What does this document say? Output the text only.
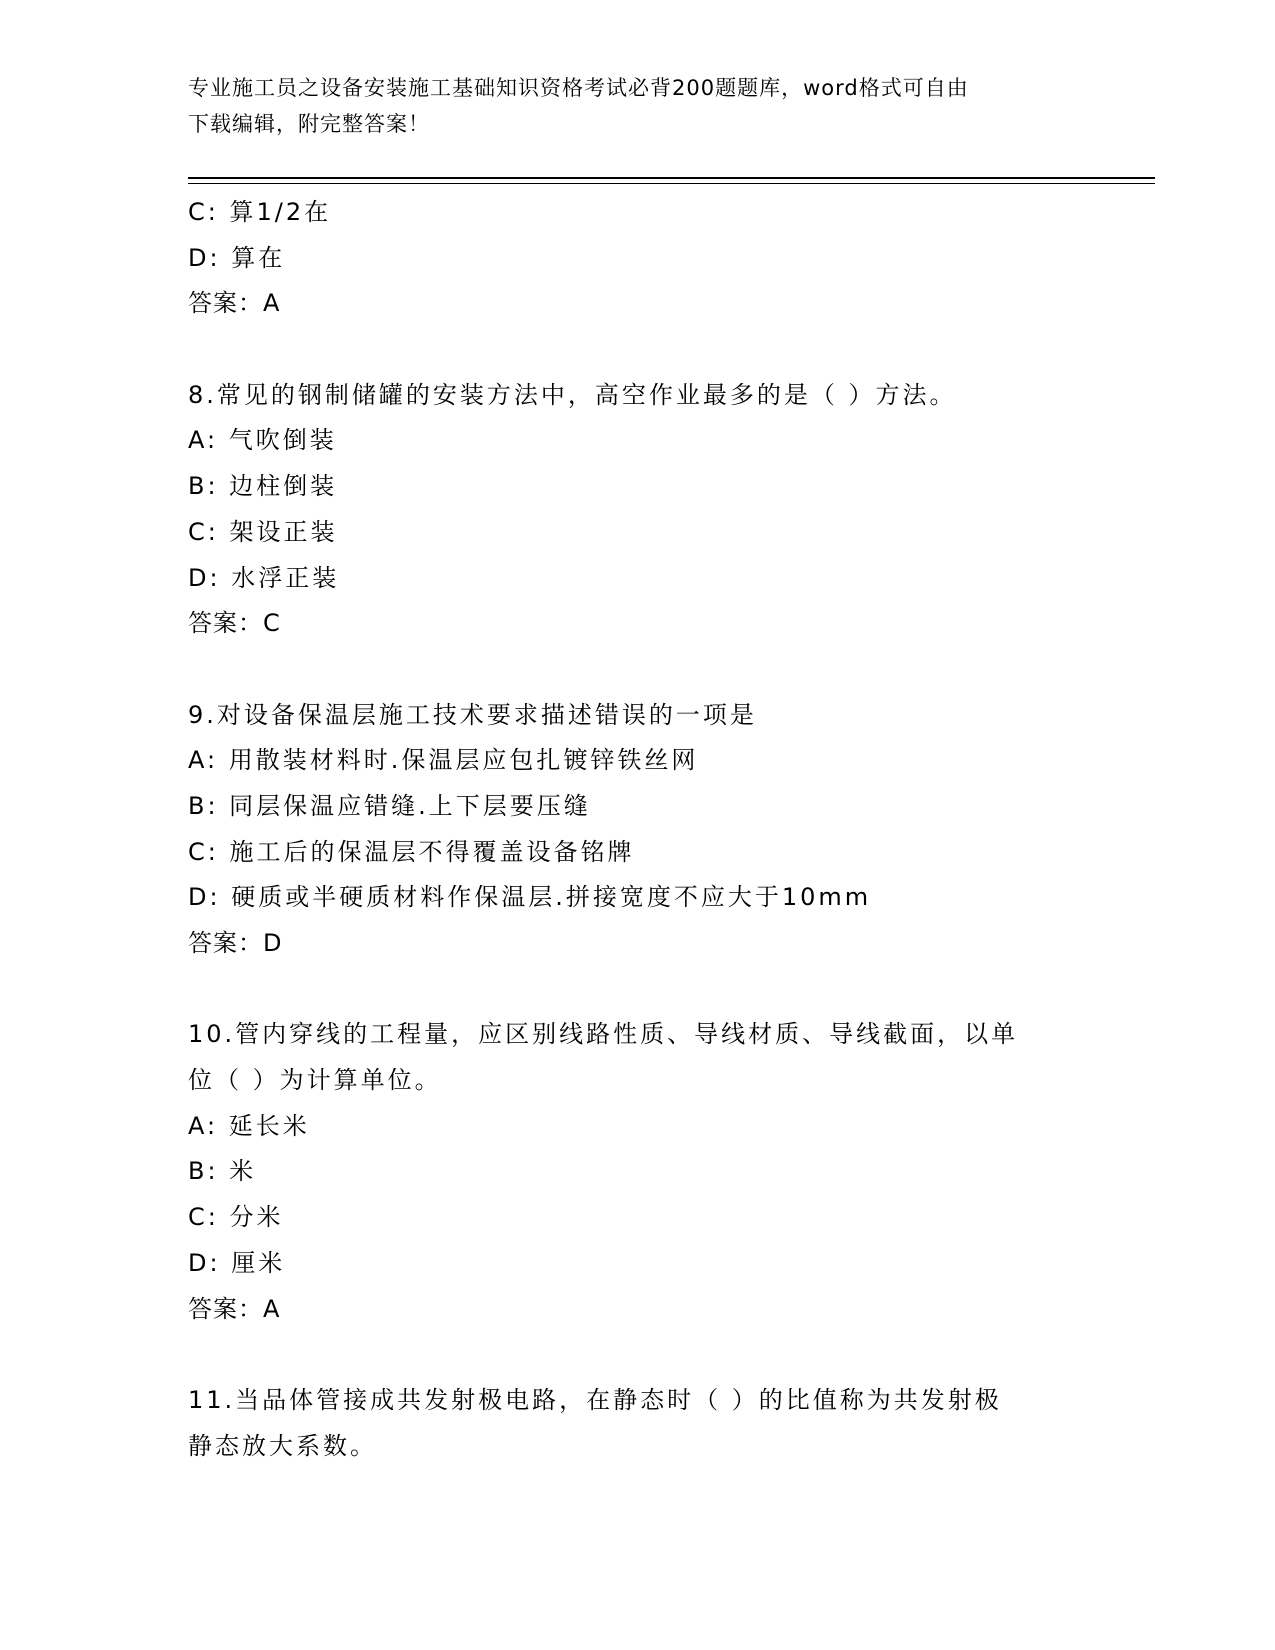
专业施工员之设备安装施工基础知识资格考试必背200题题库，word格式可自由
下载编辑，附完整答案！
C: 算1/2在
D: 算在
答案：A
8.常见的钢制储罐的安装方法中，高空作业最多的是（ ）方法。
A: 气吹倒装
B: 边柱倒装
C: 架设正装
D: 水浮正装
答案：C
9.对设备保温层施工技术要求描述错误的一项是
A: 用散装材料时.保温层应包扎镀锌铁丝网
B: 同层保温应错缝.上下层要压缝
C: 施工后的保温层不得覆盖设备铭牌
D: 硬质或半硬质材料作保温层.拼接宽度不应大于10mm
答案：D
10.管内穿线的工程量，应区别线路性质、导线材质、导线截面，以单
位（ ）为计算单位。
A: 延长米
B: 米
C: 分米
D: 厘米
答案：A
11.当品体管接成共发射极电路，在静态时（ ）的比值称为共发射极
静态放大系数。
